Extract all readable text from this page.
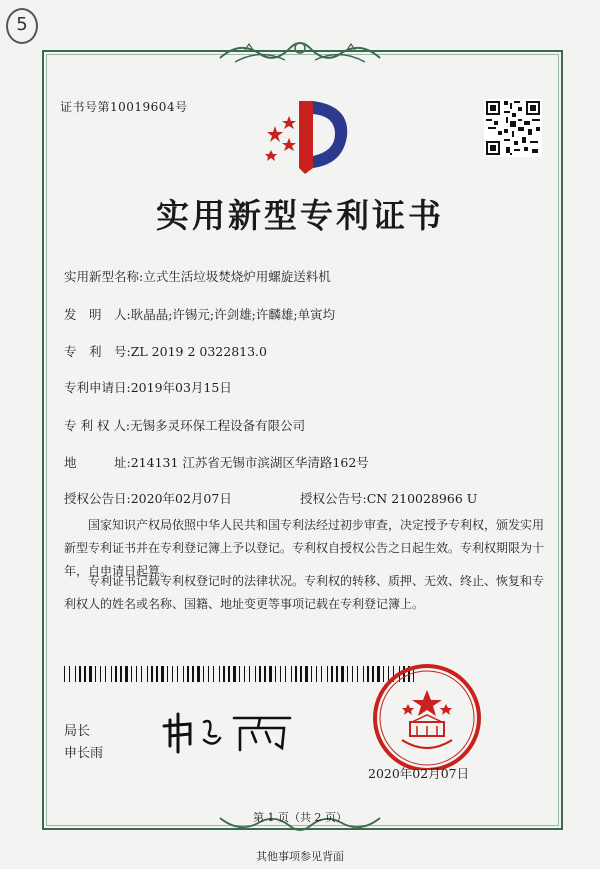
5
证书号第10019604号
实用新型专利证书
实用新型名称:立式生活垃圾焚烧炉用螺旋送料机
发　明　人:耿晶晶;许锡元;许剑雄;许麟雄;单寅均
专　利　号:ZL 2019 2 0322813.0
专利申请日:2019年03月15日
专 利 权 人:无锡多灵环保工程设备有限公司
地　　　址:214131 江苏省无锡市滨湖区华清路162号
授权公告日:2020年02月07日	授权公告号:CN 210028966 U

国家知识产权局依照中华人民共和国专利法经过初步审查，决定授予专利权，颁发实用新型专利证书并在专利登记簿上予以登记。专利权自授权公告之日起生效。专利权期限为十年，自申请日起算。

专利证书记载专利权登记时的法律状况。专利权的转移、质押、无效、终止、恢复和专利权人的姓名或名称、国籍、地址变更等事项记载在专利登记簿上。

局长
申长雨
2020年02月07日
第 1 页（共 2 页）
其他事项参见背面
